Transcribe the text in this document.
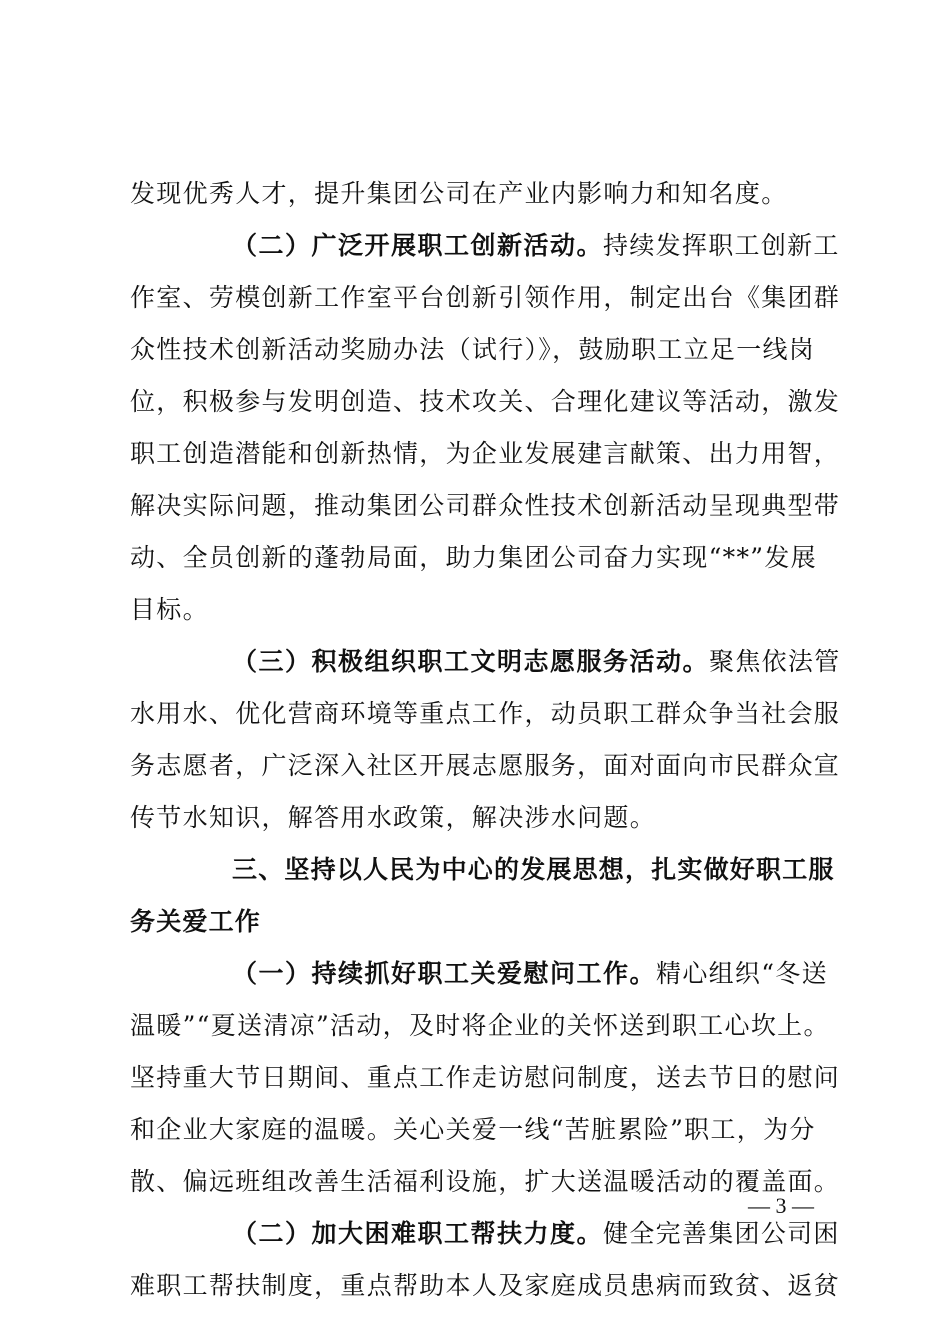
发现优秀人才，提升集团公司在产业内影响力和知名度。
（二）广泛开展职工创新活动。持续发挥职工创新工
作室、劳模创新工作室平台创新引领作用，制定出台《集团群
众性技术创新活动奖励办法（试行）》，鼓励职工立足一线岗
位，积极参与发明创造、技术攻关、合理化建议等活动，激发
职工创造潜能和创新热情，为企业发展建言献策、出力用智，
解决实际问题，推动集团公司群众性技术创新活动呈现典型带
动、全员创新的蓬勃局面，助力集团公司奋力实现“**”发展
目标。
（三）积极组织职工文明志愿服务活动。聚焦依法管
水用水、优化营商环境等重点工作，动员职工群众争当社会服
务志愿者，广泛深入社区开展志愿服务，面对面向市民群众宣
传节水知识，解答用水政策，解决涉水问题。
三、坚持以人民为中心的发展思想，扎实做好职工服
务关爱工作
（一）持续抓好职工关爱慰问工作。精心组织“冬送
温暖”“夏送清凉”活动，及时将企业的关怀送到职工心坎上。
坚持重大节日期间、重点工作走访慰问制度，送去节日的慰问
和企业大家庭的温暖。关心关爱一线“苦脏累险”职工，为分
散、偏远班组改善生活福利设施，扩大送温暖活动的覆盖面。
（二）加大困难职工帮扶力度。健全完善集团公司困
难职工帮扶制度，重点帮助本人及家庭成员患病而致贫、返贫
— 3 —
